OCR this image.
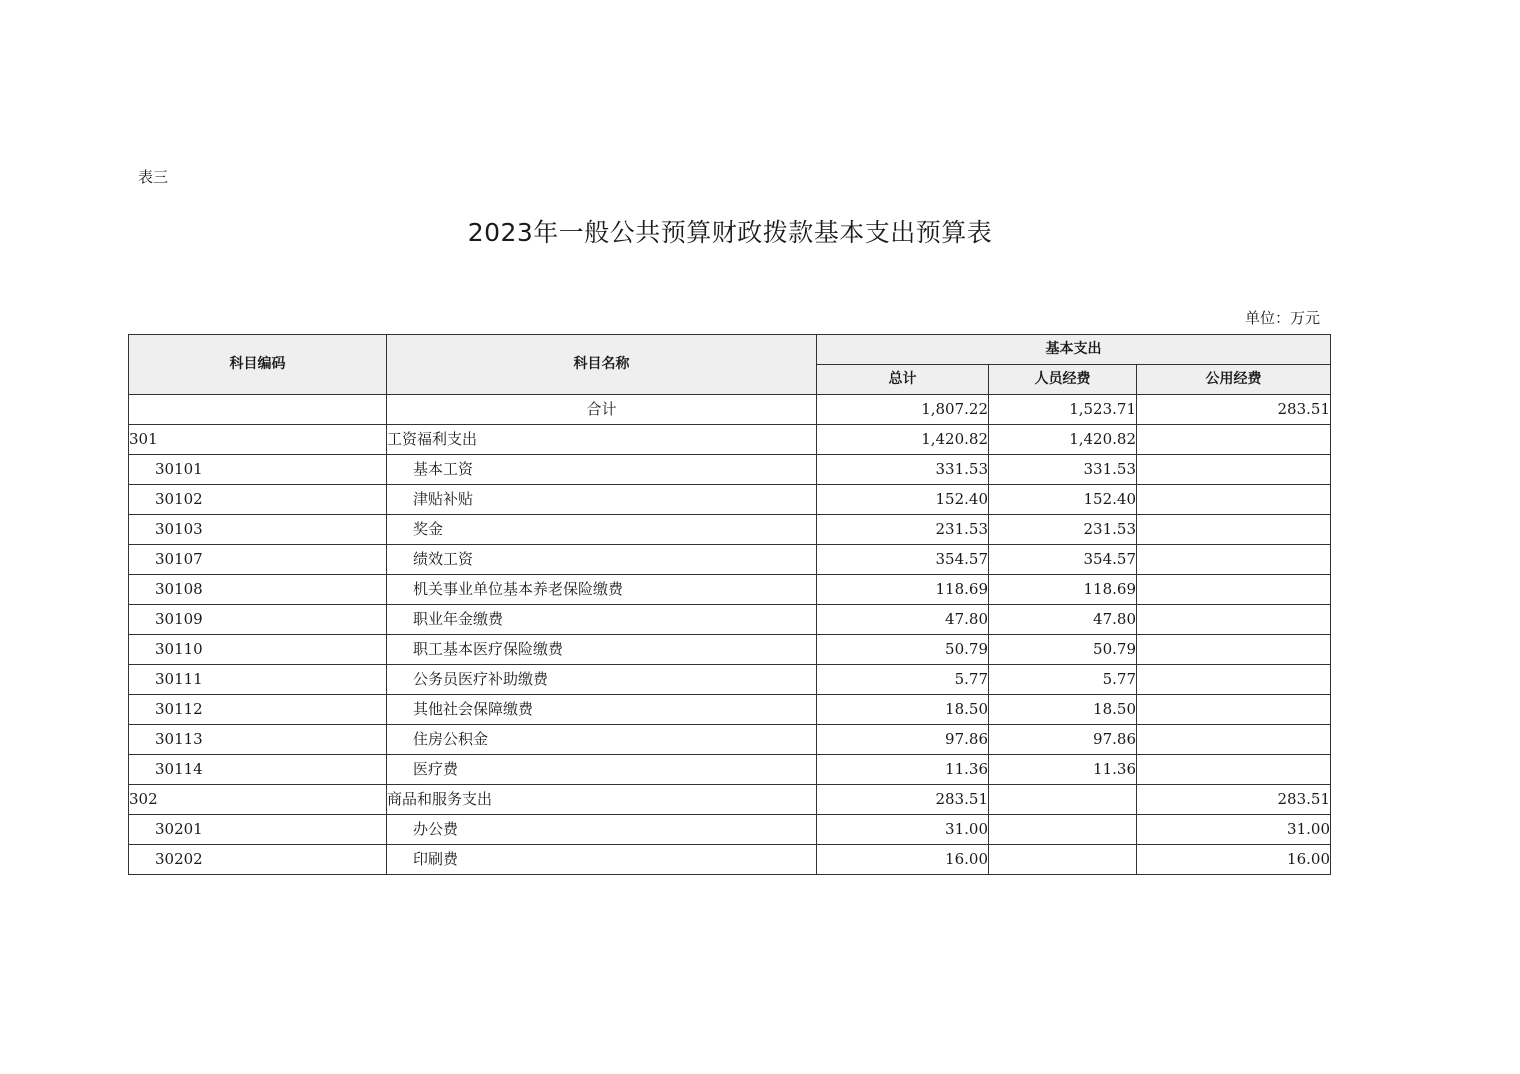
表三
2023年一般公共预算财政拨款基本支出预算表
单位：万元
科目编码	科目名称	基本支出		
		总计	人员经费	公用经费
	合计	1,807.22	1,523.71	283.51
301	工资福利支出	1,420.82	1,420.82	
30101	基本工资	331.53	331.53	
30102	津贴补贴	152.40	152.40	
30103	奖金	231.53	231.53	
30107	绩效工资	354.57	354.57	
30108	机关事业单位基本养老保险缴费	118.69	118.69	
30109	职业年金缴费	47.80	47.80	
30110	职工基本医疗保险缴费	50.79	50.79	
30111	公务员医疗补助缴费	5.77	5.77	
30112	其他社会保障缴费	18.50	18.50	
30113	住房公积金	97.86	97.86	
30114	医疗费	11.36	11.36	
302	商品和服务支出	283.51		283.51
30201	办公费	31.00		31.00
30202	印刷费	16.00		16.00
